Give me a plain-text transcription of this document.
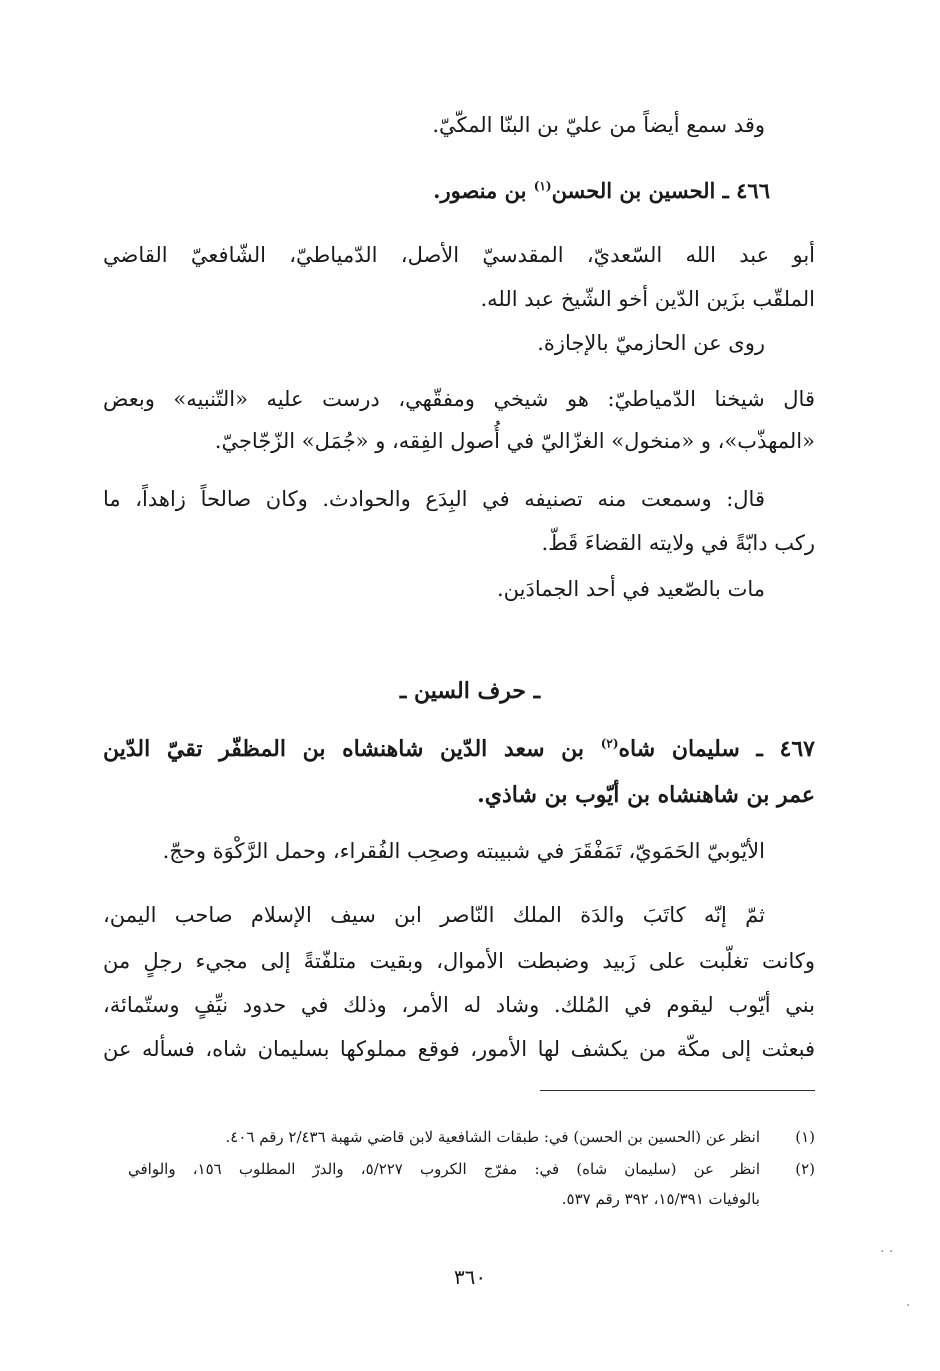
وقد سمع أيضاً من عليّ بن البنّا المكّيّ.

٤٦٦ ـ الحسين بن الحسن$^{(١)}$ بن منصور.

أبو عبد الله السّعديّ، المقدسيّ الأصل، الدّمياطيّ، الشّافعيّ القاضي

الملقّب بزَين الدّين أخو الشّيخ عبد الله.

روى عن الحازميّ بالإجازة.

قال شيخنا الدّمياطيّ: هو شيخي ومفقّهي، درست عليه «التّنبيه» وبعض

«المهذّب»، و «منخول» الغزّاليّ في أُصول الفِقه، و «جُمَل» الزّجّاجيّ.

قال: وسمعت منه تصنيفه في البِدَع والحوادث. وكان صالحاً زاهداً، ما

ركب دابّةً في ولايته القضاءَ قَطّ.

مات بالصّعيد في أحد الجمادَين.

ـ حرف السين ـ

٤٦٧ ـ سليمان شاه$^{(٢)}$ بن سعد الدّين شاهنشاه بن المظفّر تقيّ الدّين

عمر بن شاهنشاه بن أيّوب بن شاذي.

الأيّوبيّ الحَمَويّ، تَمَفْقَرَ في شبيبته وصحِب الفُقراء، وحمل الرَّكْوَة وحجّ.

ثمّ إنّه كاتَبَ والدَة الملك النّاصر ابن سيف الإسلام صاحب اليمن،

وكانت تغلّبت على زَبيد وضبطت الأموال، وبقيت متلفّتةً إلى مجيء رجلٍ من

بني أيّوب ليقوم في المُلك. وشاد له الأمر، وذلك في حدود نيِّفٍ وستّمائة،

فبعثت إلى مكّة من يكشف لها الأمور، فوقع مملوكها بسليمان شاه، فسأله عن

(١)

انظر عن (الحسين بن الحسن) في: طبقات الشافعية لابن قاضي شهبة ٢/٤٣٦ رقم ٤٠٦.

(٢)

انظر عن (سليمان شاه) في: مفرّج الكروب ٥/٢٢٧، والدرّ المطلوب ١٥٦، والوافي

بالوفيات ١٥/٣٩١، ٣٩٢ رقم ٥٣٧.

٣٦٠

· ·
·
